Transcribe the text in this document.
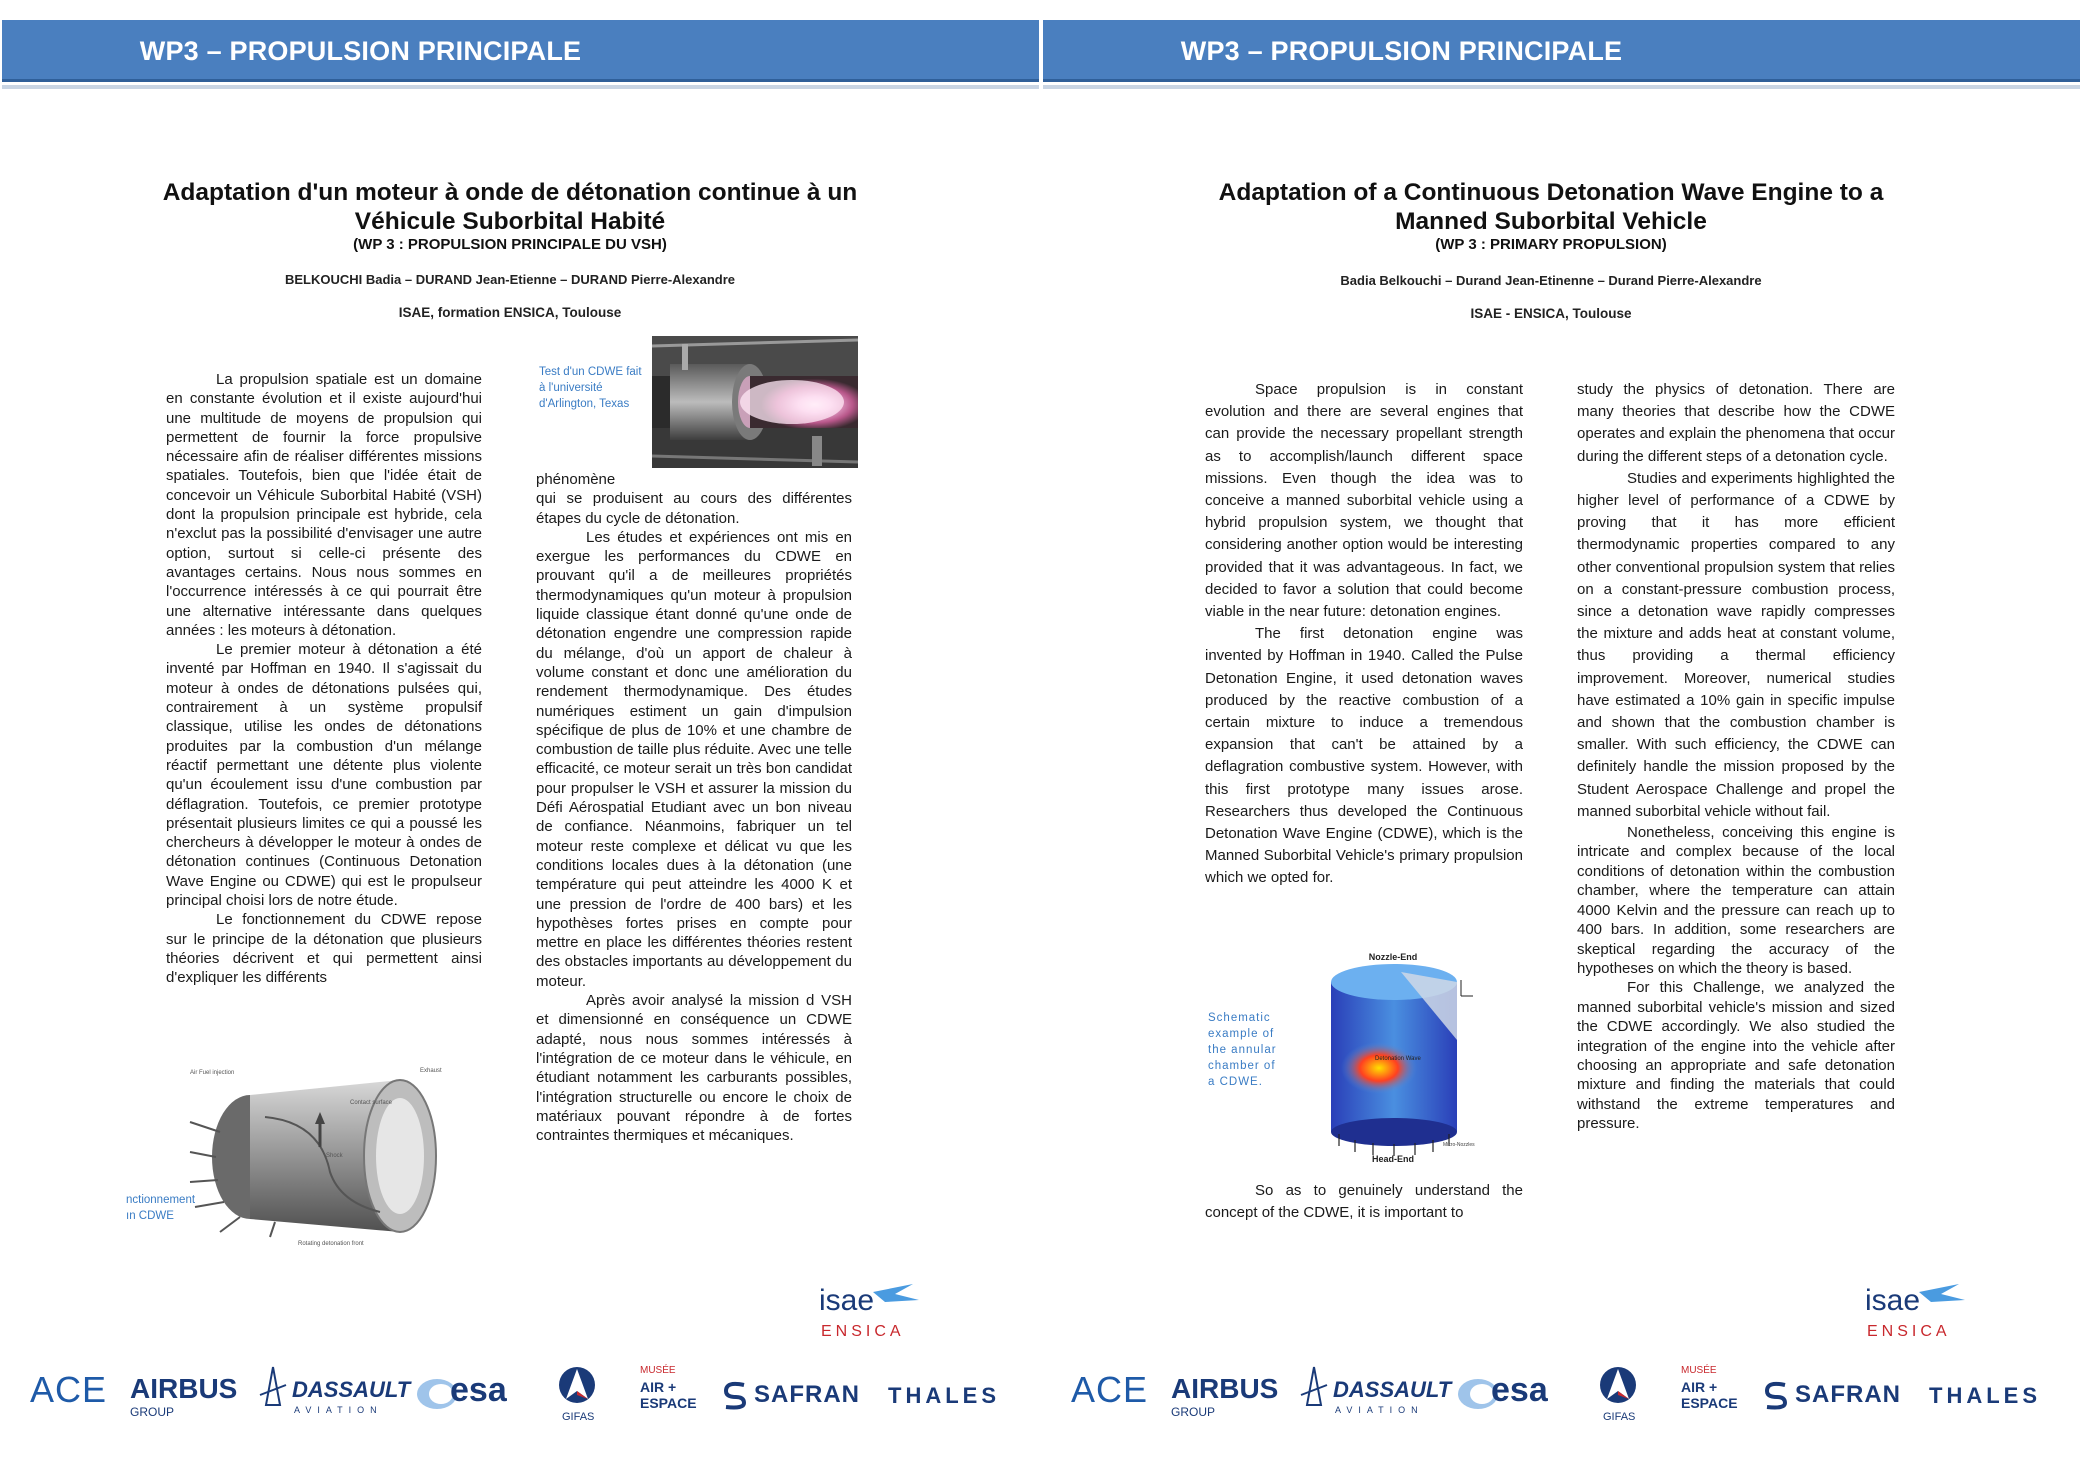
WP3 – PROPULSION PRINCIPALE
Adaptation d'un moteur à onde de détonation continue à un
Véhicule Suborbital Habité
(WP 3 : PROPULSION PRINCIPALE DU VSH)
BELKOUCHI Badia – DURAND Jean-Etienne – DURAND Pierre-Alexandre
ISAE, formation ENSICA, Toulouse

La propulsion spatiale est un domaine en constante évolution et il existe aujourd'hui une multitude de moyens de propulsion qui permettent de fournir la force propulsive nécessaire afin de réaliser différentes missions spatiales. Toutefois, bien que l'idée était de concevoir un Véhicule Suborbital Habité (VSH) dont la propulsion principale est hybride, cela n'exclut pas la possibilité d'envisager une autre option, surtout si celle-ci présente des avantages certains. Nous nous sommes en l'occurrence intéressés à ce qui pourrait être une alternative intéressante dans quelques années : les moteurs à détonation.

Le premier moteur à détonation a été inventé par Hoffman en 1940. Il s'agissait du moteur à ondes de détonations pulsées qui, contrairement à un système propulsif classique, utilise les ondes de détonations produites par la combustion d'un mélange réactif permettant une détente plus violente qu'un écoulement issu d'une combustion par déflagration. Toutefois, ce premier prototype présentait plusieurs limites ce qui a poussé les chercheurs à développer le moteur à ondes de détonation continues (Continuous Detonation Wave Engine ou CDWE) qui est le propulseur principal choisi lors de notre étude.

Le fonctionnement du CDWE repose sur le principe de la détonation que plusieurs théories décrivent et qui permettent ainsi d'expliquer les différents

Test d'un CDWE fait
à l'université
d'Arlington, Texas

phénomène

qui se produisent au cours des différentes étapes du cycle de détonation.

Les études et expériences ont mis en exergue les performances du CDWE en prouvant qu'il a de meilleures propriétés thermodynamiques qu'un moteur à propulsion liquide classique étant donné qu'une onde de détonation engendre une compression rapide du mélange, d'où un apport de chaleur à volume constant et donc une amélioration du rendement thermodynamique. Des études numériques estiment un gain d'impulsion spécifique de plus de 10% et une chambre de combustion de taille plus réduite. Avec une telle efficacité, ce moteur serait un très bon candidat pour propulser le VSH et assurer la mission du Défi Aérospatial Etudiant avec un bon niveau de confiance. Néanmoins, fabriquer un tel moteur reste complexe et délicat vu que les conditions locales dues à la détonation (une température qui peut atteindre les 4000 K et une pression de l'ordre de 400 bars) et les hypothèses fortes prises en compte pour mettre en place les différentes théories restent des obstacles importants au développement du moteur.

Après avoir analysé la mission d VSH et dimensionné en conséquence un CDWE adapté, nous nous sommes intéressés à l'intégration de ce moteur dans le véhicule, en étudiant notamment les carburants possibles, l'intégration structurelle ou encore le choix de matériaux pouvant répondre à de fortes contraintes thermiques et mécaniques.

Air Fuel injection	Exhaust
Contact surface
Shock
Rotating detonation front
nctionnement
ın CDWE
isae
ENSICA
ACE AIRBUS
GROUP
DASSAULT
AVIATION
esa
GIFAS
MUSÉE
AIR +
ESPACE SAFRAN THALES
WP3 – PROPULSION PRINCIPALE
Adaptation of a Continuous Detonation Wave Engine to a
Manned Suborbital Vehicle
(WP 3 : PRIMARY PROPULSION)
Badia Belkouchi – Durand Jean-Etinenne – Durand Pierre-Alexandre
ISAE - ENSICA, Toulouse

Space propulsion is in constant evolution and there are several engines that can provide the necessary propellant strength as to accomplish/launch different space missions. Even though the idea was to conceive a manned suborbital vehicle using a hybrid propulsion system, we thought that considering another option would be interesting provided that it was advantageous. In fact, we decided to favor a solution that could become viable in the near future: detonation engines.

The first detonation engine was invented by Hoffman in 1940. Called the Pulse Detonation Engine, it used detonation waves produced by the reactive combustion of a certain mixture to induce a tremendous expansion that can't be attained by a deflagration combustive system. However, with this first prototype many issues arose. Researchers thus developed the Continuous Detonation Wave Engine (CDWE), which is the Manned Suborbital Vehicle's primary propulsion which we opted for.

Nozzle-End
Detonation Wave
Head-End
Micro-Nozzles
Schematic
example of
the annular
chamber of
a CDWE.

So as to genuinely understand the concept of the CDWE, it is important to

study the physics of detonation. There are many theories that describe how the CDWE operates and explain the phenomena that occur during the different steps of a detonation cycle.

Studies and experiments highlighted the higher level of performance of a CDWE by proving that it has more efficient thermodynamic properties compared to any other conventional propulsion system that relies on a constant-pressure combustion process, since a detonation wave rapidly compresses the mixture and adds heat at constant volume, thus providing a thermal efficiency improvement. Moreover, numerical studies have estimated a 10% gain in specific impulse and shown that the combustion chamber is smaller. With such efficiency, the CDWE can definitely handle the mission proposed by the Student Aerospace Challenge and propel the manned suborbital vehicle without fail.

Nonetheless, conceiving this engine is intricate and complex because of the local conditions of detonation within the combustion chamber, where the temperature can attain 4000 Kelvin and the pressure can reach up to 400 bars. In addition, some researchers are skeptical regarding the accuracy of the hypotheses on which the theory is based.

For this Challenge, we analyzed the manned suborbital vehicle's mission and sized the CDWE accordingly. We also studied the integration of the engine into the vehicle after choosing an appropriate and safe detonation mixture and finding the materials that could withstand the extreme temperatures and pressure.

isae
ENSICA
ACE AIRBUS
GROUP
DASSAULT
AVIATION
esa
GIFAS
MUSÉE
AIR +
ESPACE SAFRAN THALES
